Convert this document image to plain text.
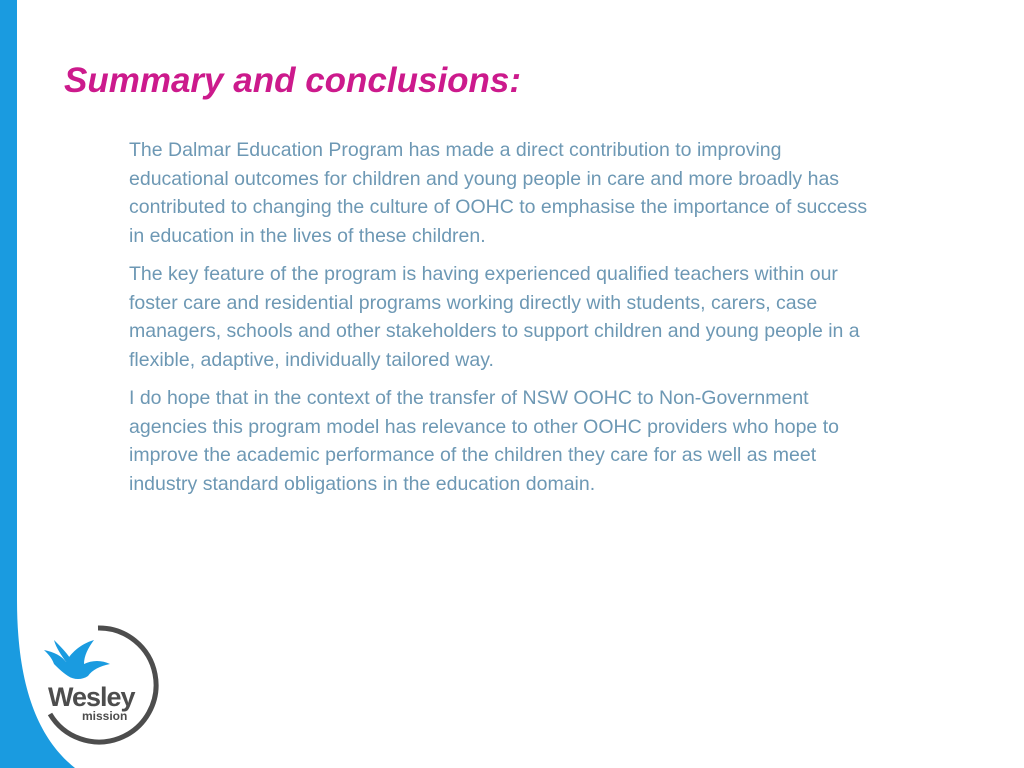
Summary and conclusions:

The Dalmar Education Program has made a direct contribution to improving educational outcomes for children and young people in care and more broadly has contributed to changing the culture of OOHC to emphasise the importance of success in education in the lives of these children.

The key feature of the program is having experienced qualified teachers within our foster care and residential programs working directly with students, carers, case managers, schools and other stakeholders to support children and young people in a flexible, adaptive, individually tailored way.

I do hope that in the context of the transfer of NSW OOHC to Non-Government agencies this program model has relevance to other OOHC providers who hope to improve the academic performance of the children they care for as well as meet industry standard obligations in the education domain.

Wesley
mission
